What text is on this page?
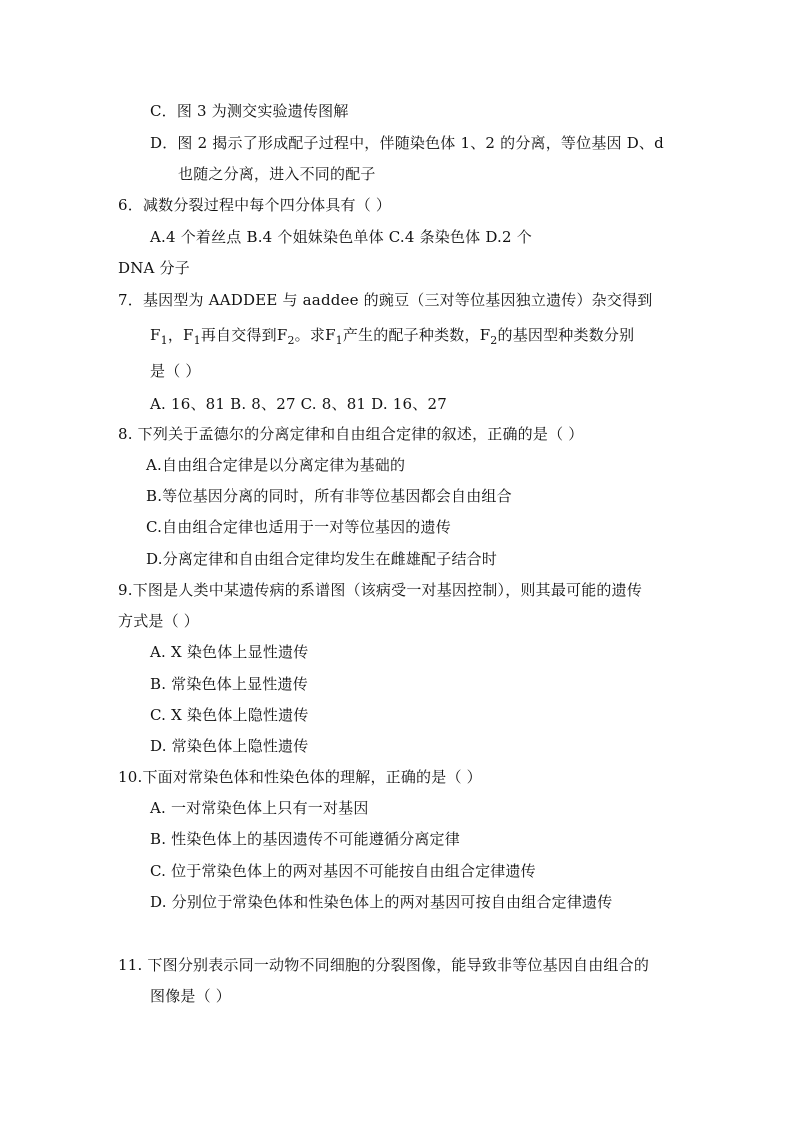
C．图 3 为测交实验遗传图解
D．图 2 揭示了形成配子过程中，伴随染色体 1、2 的分离，等位基因 D、d
也随之分离，进入不同的配子
6．减数分裂过程中每个四分体具有（ ）
A.4 个着丝点 B.4 个姐妹染色单体 C.4 条染色体 D.2 个
DNA 分子
7．基因型为 AADDEE 与 aaddee 的豌豆（三对等位基因独立遗传）杂交得到
$F_1$，$F_1$再自交得到$F_2$。求$F_1$产生的配子种类数，$F_2$的基因型种类数分别
是（ ）
A. 16、81 B. 8、27 C. 8、81 D. 16、27
8. 下列关于孟德尔的分离定律和自由组合定律的叙述，正确的是（ ）
A.自由组合定律是以分离定律为基础的
B.等位基因分离的同时，所有非等位基因都会自由组合
C.自由组合定律也适用于一对等位基因的遗传
D.分离定律和自由组合定律均发生在雌雄配子结合时
9.下图是人类中某遗传病的系谱图（该病受一对基因控制），则其最可能的遗传
方式是（ ）
A. X 染色体上显性遗传
B. 常染色体上显性遗传
C. X 染色体上隐性遗传
D. 常染色体上隐性遗传
10.下面对常染色体和性染色体的理解，正确的是（ ）
A. 一对常染色体上只有一对基因
B. 性染色体上的基因遗传不可能遵循分离定律
C. 位于常染色体上的两对基因不可能按自由组合定律遗传
D. 分别位于常染色体和性染色体上的两对基因可按自由组合定律遗传
11. 下图分别表示同一动物不同细胞的分裂图像，能导致非等位基因自由组合的
图像是（ ）
